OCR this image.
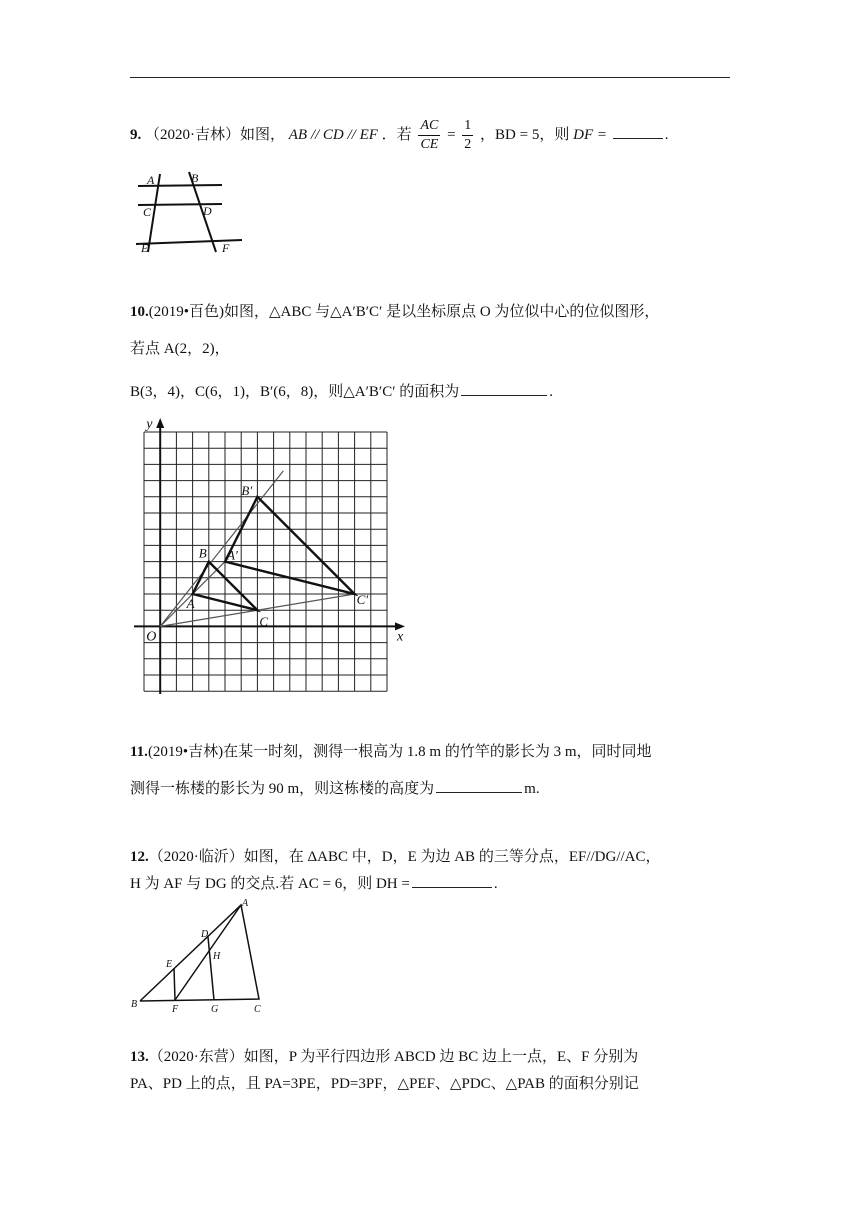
9. （2020·吉林）如图， AB // CD // EF ．若 $\frac{AC}{CE} = \frac{1}{2}$ ，BD = 5，则 DF =	.
A	B
C	D
E	F
10.(2019•百色)如图，△ABC 与△A′B′C′ 是以坐标原点 O 为位似中心的位似图形，
若点 A(2，2)，
B(3，4)，C(6，1)，B′(6，8)，则△A′B′C′ 的面积为	.
y
x
O
A
B
C
A′
B′
C′
11.(2019•吉林)在某一时刻，测得一根高为 1.8 m 的竹竿的影长为 3 m，同时同地
测得一栋楼的影长为 90 m，则这栋楼的高度为	m.
12.（2020·临沂）如图，在 ΔABC 中，D，E 为边 AB 的三等分点，EF//DG//AC，
H 为 AF 与 DG 的交点.若 AC = 6，则 DH =	.
A
B	C
D
E
F	G
H
13.（2020·东营）如图，P 为平行四边形 ABCD 边 BC 边上一点，E、F 分别为
PA、PD 上的点，且 PA=3PE，PD=3PF，△PEF、△PDC、△PAB 的面积分别记
